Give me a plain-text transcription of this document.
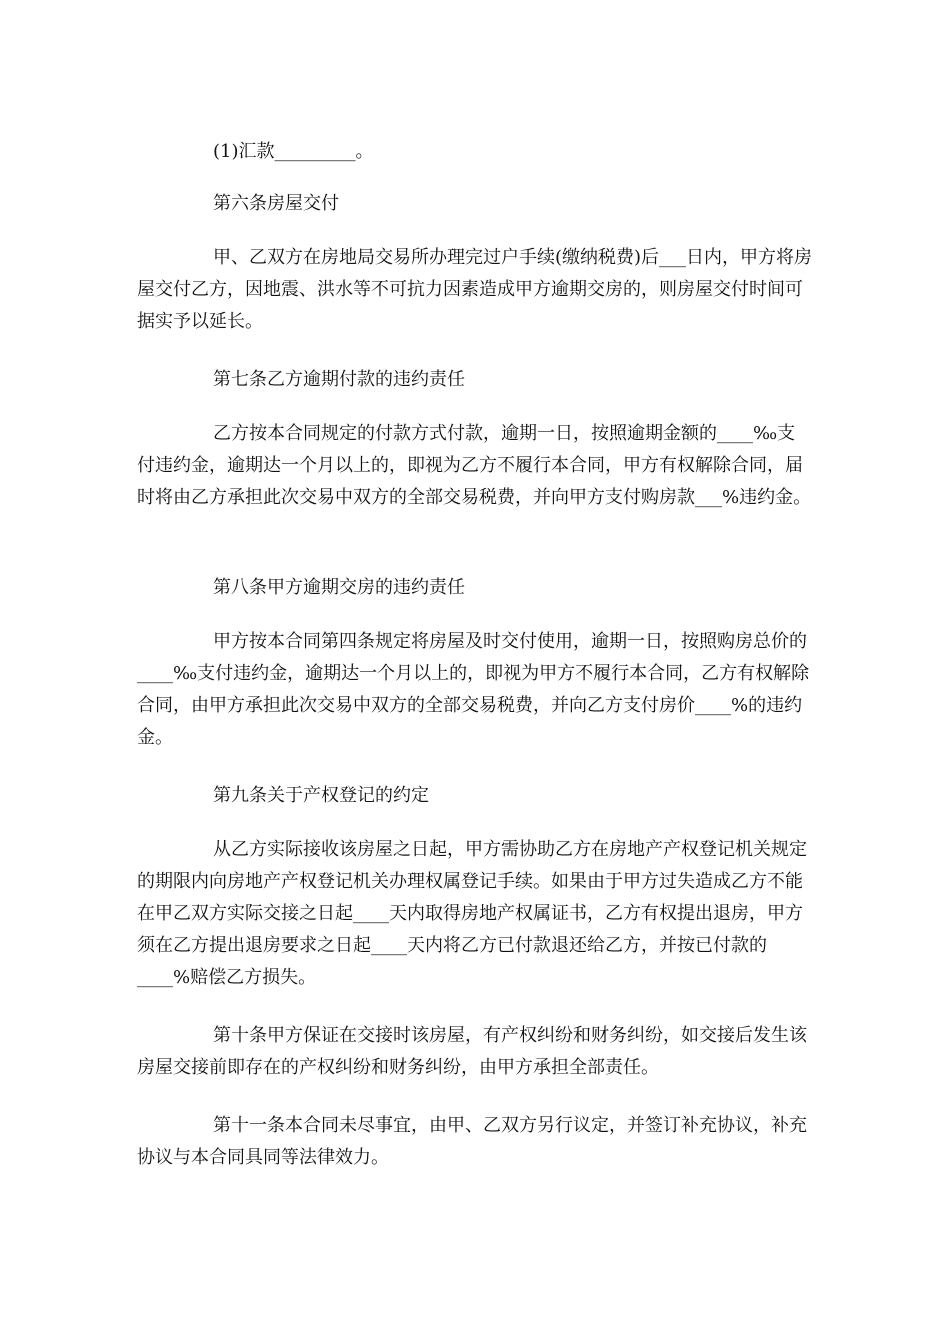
(1)汇款_________。

第六条房屋交付

甲、乙双方在房地局交易所办理完过户手续(缴纳税费)后___日内，甲方将房屋交付乙方，因地震、洪水等不可抗力因素造成甲方逾期交房的，则房屋交付时间可据实予以延长。

第七条乙方逾期付款的违约责任

乙方按本合同规定的付款方式付款，逾期一日，按照逾期金额的____‰支付违约金，逾期达一个月以上的，即视为乙方不履行本合同，甲方有权解除合同，届时将由乙方承担此次交易中双方的全部交易税费，并向甲方支付购房款___%违约金。

第八条甲方逾期交房的违约责任

甲方按本合同第四条规定将房屋及时交付使用，逾期一日，按照购房总价的____‰支付违约金，逾期达一个月以上的，即视为甲方不履行本合同，乙方有权解除合同，由甲方承担此次交易中双方的全部交易税费，并向乙方支付房价____%的违约金。

第九条关于产权登记的约定

从乙方实际接收该房屋之日起，甲方需协助乙方在房地产产权登记机关规定的期限内向房地产产权登记机关办理权属登记手续。如果由于甲方过失造成乙方不能在甲乙双方实际交接之日起____天内取得房地产权属证书，乙方有权提出退房，甲方须在乙方提出退房要求之日起____天内将乙方已付款退还给乙方，并按已付款的____%赔偿乙方损失。

第十条甲方保证在交接时该房屋，有产权纠纷和财务纠纷，如交接后发生该房屋交接前即存在的产权纠纷和财务纠纷，由甲方承担全部责任。

第十一条本合同未尽事宜，由甲、乙双方另行议定，并签订补充协议，补充协议与本合同具同等法律效力。
